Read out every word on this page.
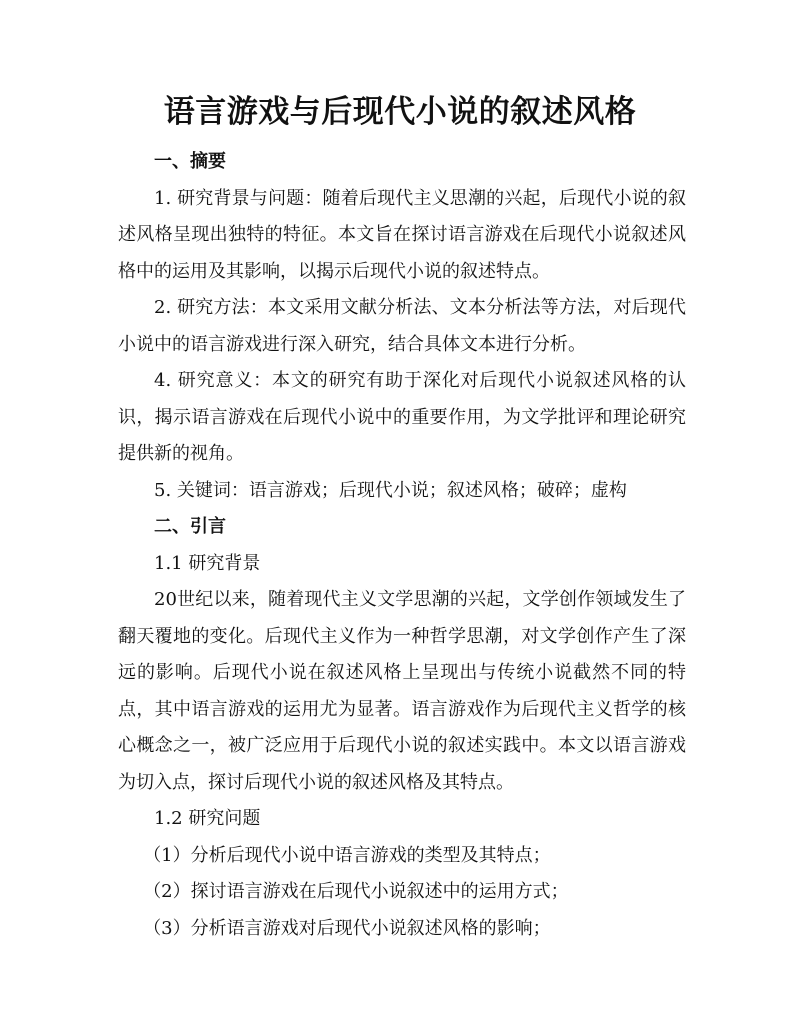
语言游戏与后现代小说的叙述风格

一、摘要

1. 研究背景与问题：随着后现代主义思潮的兴起，后现代小说的叙述风格呈现出独特的特征。本文旨在探讨语言游戏在后现代小说叙述风格中的运用及其影响，以揭示后现代小说的叙述特点。

2. 研究方法：本文采用文献分析法、文本分析法等方法，对后现代小说中的语言游戏进行深入研究，结合具体文本进行分析。

4. 研究意义：本文的研究有助于深化对后现代小说叙述风格的认识，揭示语言游戏在后现代小说中的重要作用，为文学批评和理论研究提供新的视角。

5. 关键词：语言游戏；后现代小说；叙述风格；破碎；虚构

二、引言

1.1 研究背景

20世纪以来，随着现代主义文学思潮的兴起，文学创作领域发生了翻天覆地的变化。后现代主义作为一种哲学思潮，对文学创作产生了深远的影响。后现代小说在叙述风格上呈现出与传统小说截然不同的特点，其中语言游戏的运用尤为显著。语言游戏作为后现代主义哲学的核心概念之一，被广泛应用于后现代小说的叙述实践中。本文以语言游戏为切入点，探讨后现代小说的叙述风格及其特点。

1.2 研究问题

（1）分析后现代小说中语言游戏的类型及其特点；

（2）探讨语言游戏在后现代小说叙述中的运用方式；

（3）分析语言游戏对后现代小说叙述风格的影响；
